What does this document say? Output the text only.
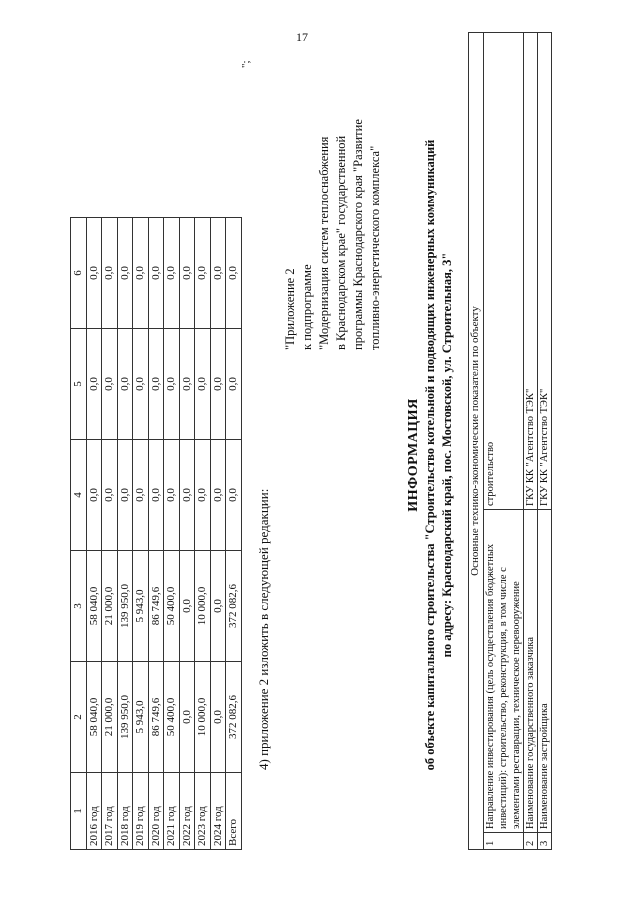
17
1	2	3	4	5	6
2016 год	58 040,0	58 040,0	0,0	0,0	0,0
2017 год	21 000,0	21 000,0	0,0	0,0	0,0
2018 год	139 950,0	139 950,0	0,0	0,0	0,0
2019 год	5 943,0	5 943,0	0,0	0,0	0,0
2020 год	86 749,6	86 749,6	0,0	0,0	0,0
2021 год	50 400,0	50 400,0	0,0	0,0	0,0
2022 год	0,0	0,0	0,0	0,0	0,0
2023 год	10 000,0	10 000,0	0,0	0,0	0,0
2024 год	0,0	0,0	0,0	0,0	0,0
Всего	372 082,6	372 082,6	0,0	0,0	0,0
";
4) приложение 2 изложить в следующей редакции:
"Приложение 2 к подпрограмме "Модернизация систем теплоснабжения в Краснодарском крае" государственной программы Краснодарского края "Развитие топливно-энергетического комплекса"
ИНФОРМАЦИЯ об объекте капитального строительства "Строительство котельной и подводящих инженерных коммуникаций по адресу: Краснодарский край, пос. Мостовской, ул. Строительная, 3" Основные технико-экономические показатели по объекту		
1	Направление инвестирования (цель осуществления бюджетных инвестиций): строительство, реконструкция, в том числе с элементами реставрации, техническое перевооружение	строительство
2	Наименование государственного заказчика	ГКУ КК "Агентство ТЭК"
3	Наименование застройщика	ГКУ КК "Агентство ТЭК"
